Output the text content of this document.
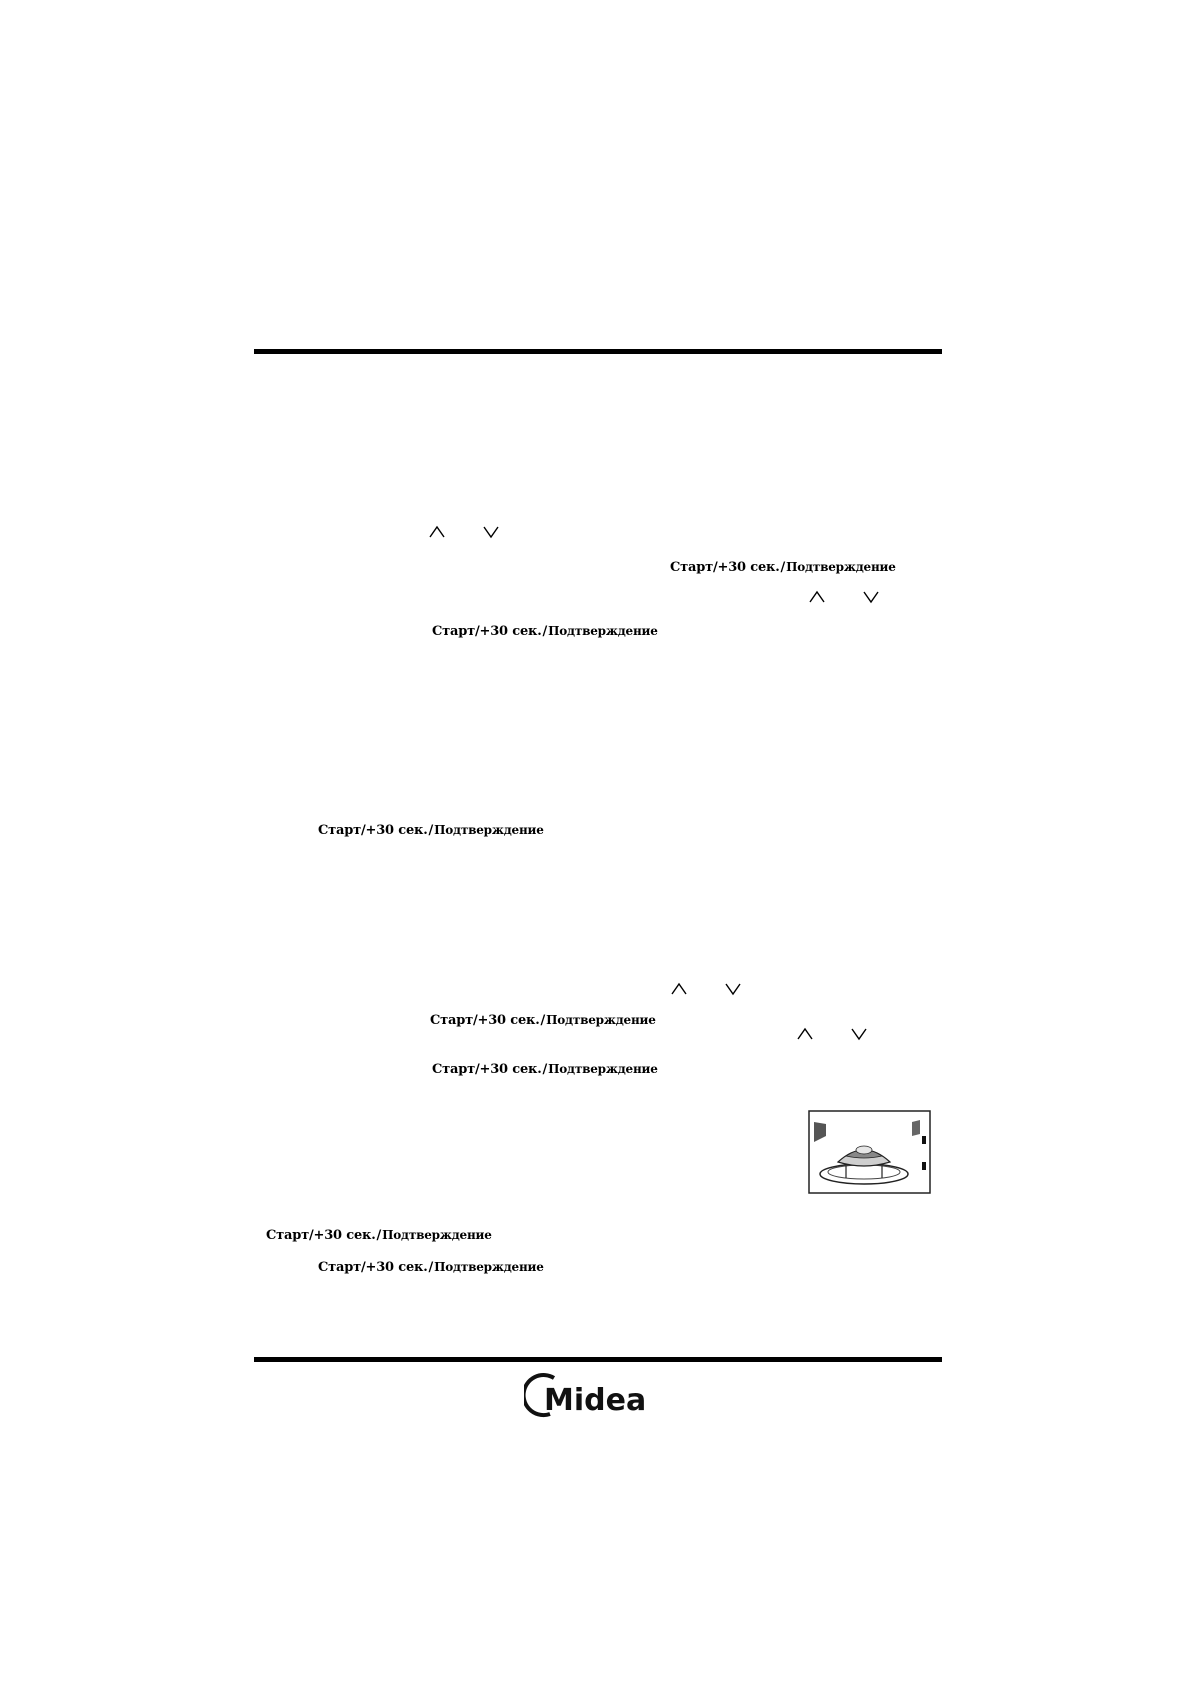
Старт/+30 сек./Подтверждение
Старт/+30 сек./Подтверждение
Старт/+30 сек./Подтверждение
Старт/+30 сек./Подтверждение
Старт/+30 сек./Подтверждение
Старт/+30 сек./Подтверждение
Старт/+30 сек./Подтверждение
Midea
